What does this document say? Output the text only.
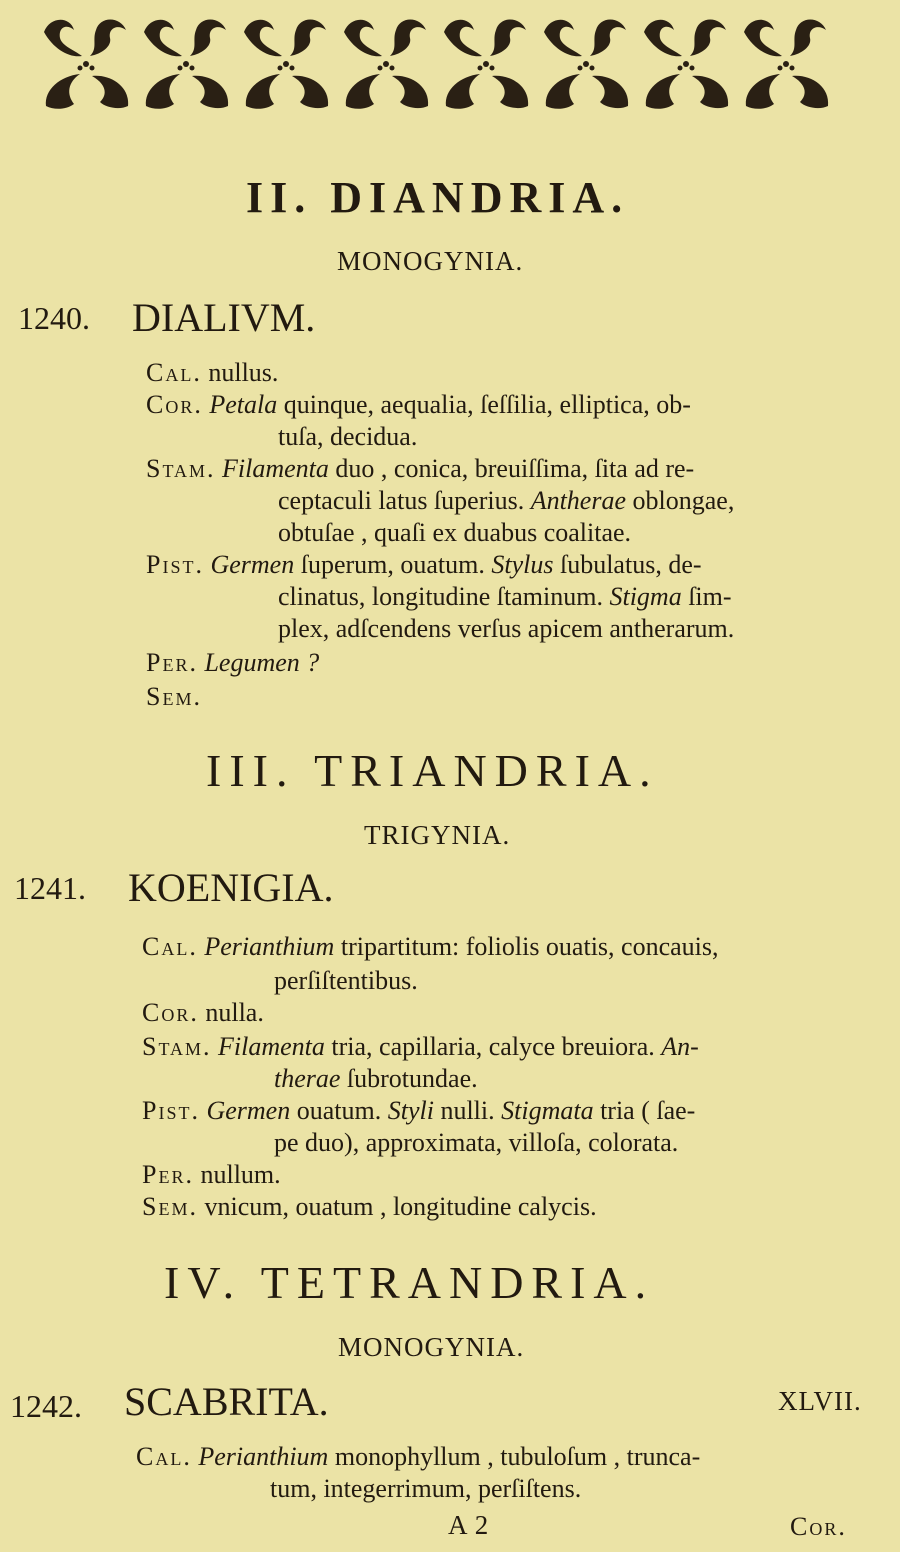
II. DIANDRIA.
MONOGYNIA.
1240. DIALIVM.
Cal. nullus.
Cor. Petala quinque, aequalia, ſeſſilia, elliptica, ob-
tuſa, decidua.
Stam. Filamenta duo , conica, breuiſſima, ſita ad re-
ceptaculi latus ſuperius. Antherae oblongae,
obtuſae , quaſi ex duabus coalitae.
Pist. Germen ſuperum, ouatum. Stylus ſubulatus, de-
clinatus, longitudine ſtaminum. Stigma ſim-
plex, adſcendens verſus apicem antherarum.
Per. Legumen ?
Sem.
III. TRIANDRIA.
TRIGYNIA.
1241. KOENIGIA.
Cal. Perianthium tripartitum: foliolis ouatis, concauis,
perſiſtentibus.
Cor. nulla.
Stam. Filamenta tria, capillaria, calyce breuiora. An-
therae ſubrotundae.
Pist. Germen ouatum. Styli nulli. Stigmata tria ( ſae-
pe duo), approximata, villoſa, colorata.
Per. nullum.
Sem. vnicum, ouatum , longitudine calycis.
IV. TETRANDRIA.
MONOGYNIA.
1242. SCABRITA.	XLVII.
Cal. Perianthium monophyllum , tubuloſum , trunca-
tum, integerrimum, perſiſtens.
A 2	Cor.
